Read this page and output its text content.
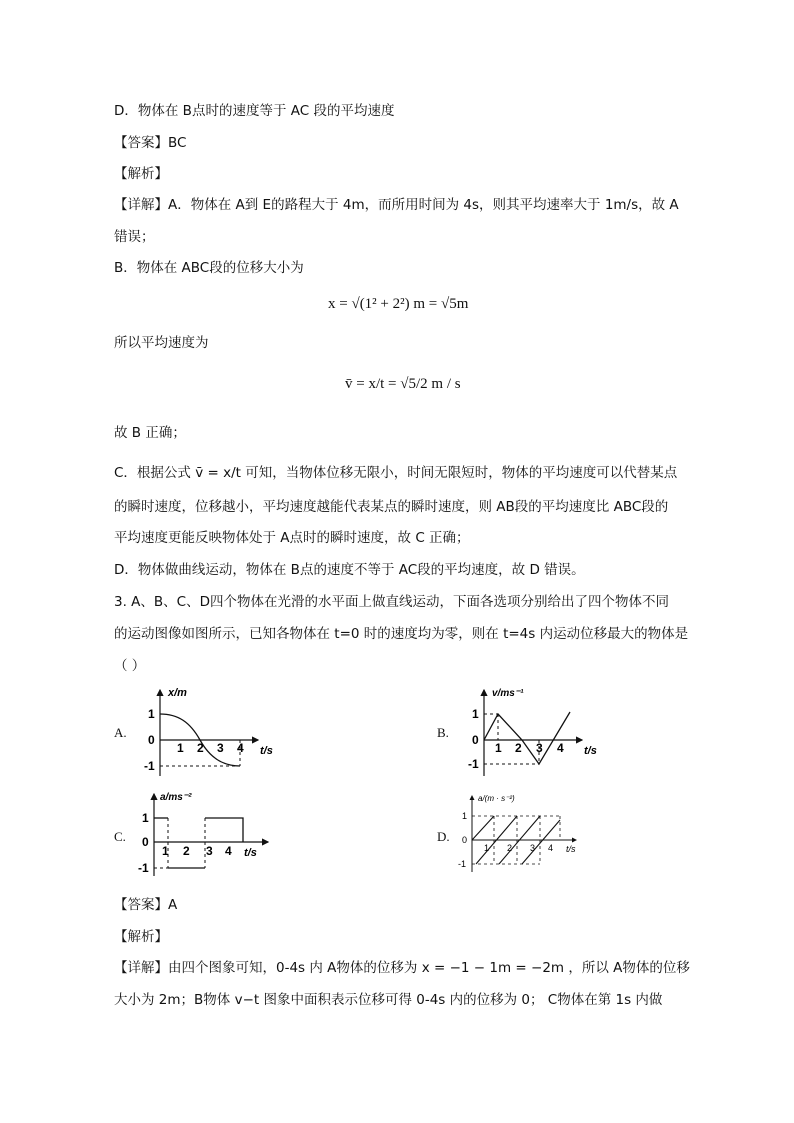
D．物体在 B点时的速度等于 AC 段的平均速度
【答案】BC
【解析】
【详解】A．物体在 A到 E的路程大于 4m，而所用时间为 4s，则其平均速率大于 1m/s，故 A
错误；
B．物体在 ABC段的位移大小为
x = √(1² + 2²) m = √5m
所以平均速度为
v̄ = x/t = √5/2 m / s
故 B 正确；
C．根据公式 v̄ = x/t 可知，当物体位移无限小，时间无限短时，物体的平均速度可以代替某点
的瞬时速度，位移越小，平均速度越能代表某点的瞬时速度，则 AB段的平均速度比 ABC段的
平均速度更能反映物体处于 A点时的瞬时速度，故 C 正确；
D．物体做曲线运动，物体在 B点的速度不等于 AC段的平均速度，故 D 错误。
3. A、B、C、D四个物体在光滑的水平面上做直线运动，下面各选项分别给出了四个物体不同
的运动图像如图所示，已知各物体在 t=0 时的速度均为零，则在 t=4s 内运动位移最大的物体是
（ ）
A.
x/m
t/s
1
0
-1
1 2 3 4
B.
v/ms⁻¹
t/s
1
0
-1
1 2 3 4
C.
a/ms⁻²
t/s
1
0
-1
1 2 3 4
D.
a/(m · s⁻²)
t/s
1
0
-1
1 2 3 4
【答案】A
【解析】
【详解】由四个图象可知，0-4s 内 A物体的位移为 x = −1 − 1m = −2m ，所以 A物体的位移
大小为 2m；B物体 v−t 图象中面积表示位移可得 0-4s 内的位移为 0； C物体在第 1s 内做
